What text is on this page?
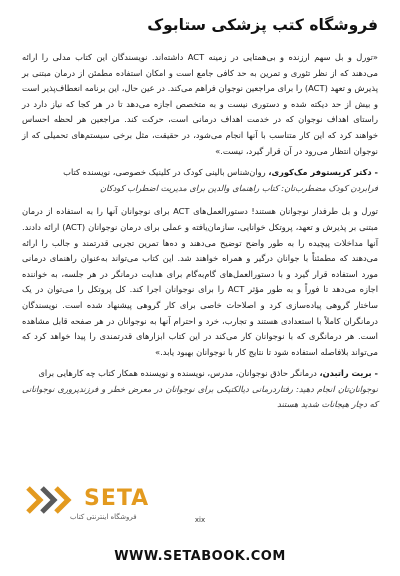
فروشگاه کتب پزشکی ستابوک

«تورل و بل سهم ارزنده و بی‌همتایی در زمینه ACT داشته‌اند. نویسندگان این کتاب مدلی را ارائه می‌دهند که از نظر تئوری و تمرین به حد کافی جامع است و امکان استفاده مطمئن از درمان مبتنی بر پذیرش و تعهد (ACT) را برای مراجعین نوجوان فراهم می‌کند. در عین حال، این برنامه انعطاف‌پذیر است و بیش از حد دیکته شده و دستوری نیست و به متخصص اجازه می‌دهد تا در هر کجا که نیاز دارد در راستای اهداف نوجوان که در خدمت اهداف درمانی است، حرکت کند. مراجعین هر لحظه احساس خواهند کرد که این کار متناسب با آنها انجام می‌شود، در حقیقت، مثل برخی سیستم‌های تحمیلی که از نوجوان انتظار می‌رود در آن قرار گیرد، نیست.»

- دکتر کریستوفر مک‌کوری، روان‌شناس بالینی کودک در کلینیک خصوصی، نویسنده کتاب
فرا‌بردن کودک مضطرب‌تان: کتاب راهنمای والدین برای مدیریت اضطراب کودکان

تورل و بل طرفدار نوجوانان هستند! دستورالعمل‌های ACT برای نوجوانان آنها را به استفاده از درمان مبتنی بر پذیرش و تعهد، پروتکل خوانایی، سازمان‌یافته و عملی برای درمان نوجوانان (ACT) ارائه دادند. آنها مداخلات پیچیده را به طور واضح توضیح می‌دهند و ده‌ها تمرین تجربی قدرتمند و جالب را ارائه می‌دهند که مطمئناً با جوانان درگیر و همراه خواهند شد. این کتاب می‌تواند به‌عنوان راهنمای درمانی مورد استفاده قرار گیرد و با دستورالعمل‌های گام‌به‌گام برای هدایت درمانگر در هر جلسه، به خواننده اجازه می‌دهد تا فوراً و به طور مؤثر ACT را برای نوجوانان اجرا کند. کل پروتکل را می‌توان در یک ساختار گروهی پیاده‌سازی کرد و اصلاحات خاصی برای کار گروهی پیشنهاد شده است. نویسندگان درمانگران کاملاً با استعدادی هستند و تجارب، خرد و احترام آنها به نوجوانان در هر صفحه قابل مشاهده است. هر درمانگری که با نوجوانان کار می‌کند در این کتاب ابزارهای قدرتمندی را پیدا خواهد کرد که می‌تواند بلافاصله استفاده شود تا نتایج کار با نوجوانان بهبود یابد.»

- بریت راتبدن، درمانگر حاذق نوجوانان، مدرس، نویسنده و نویسنده همکار کتاب چه کارهایی برای
نوجوانان‌تان انجام دهید: رفتاردرمانی دیالکتیکی برای نوجوانان در معرض خطر و فرزندپروری نوجوانانی که دچار هیجانات شدید هستند

SETA
فروشگاه اینترنتی کتاب	xix
WWW.SETABOOK.COM
